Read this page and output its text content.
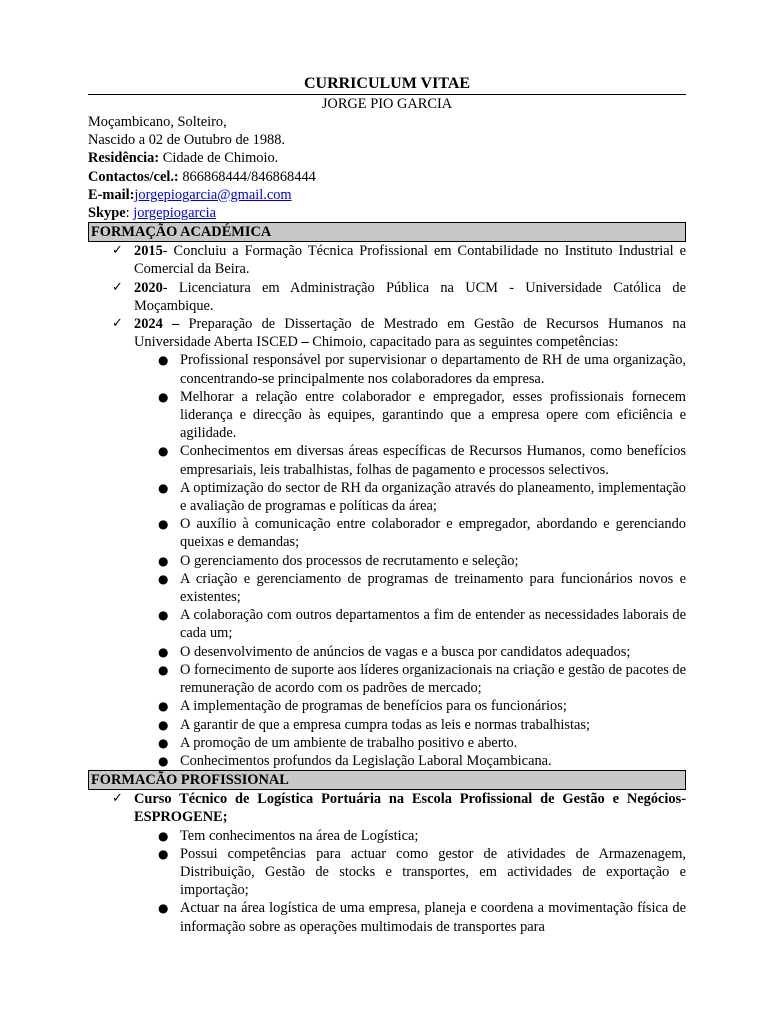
CURRICULUM VITAE
JORGE PIO GARCIA
Moçambicano, Solteiro,
Nascido a 02 de Outubro de 1988.
Residência: Cidade de Chimoio.
Contactos/cel.: 866868444/846868444
E-mail:jorgepiogarcia@gmail.com
Skype: jorgepiogarcia
FORMAÇÃO ACADÉMICA
✓ 2015- Concluiu a Formação Técnica Profissional em Contabilidade no Instituto Industrial e Comercial da Beira.
✓ 2020- Licenciatura em Administração Pública na UCM - Universidade Católica de Moçambique.
✓ 2024 – Preparação de Dissertação de Mestrado em Gestão de Recursos Humanos na Universidade Aberta ISCED – Chimoio, capacitado para as seguintes competências:
● Profissional responsável por supervisionar o departamento de RH de uma organização, concentrando-se principalmente nos colaboradores da empresa.
● Melhorar a relação entre colaborador e empregador, esses profissionais fornecem liderança e direcção às equipes, garantindo que a empresa opere com eficiência e agilidade.
● Conhecimentos em diversas áreas específicas de Recursos Humanos, como benefícios empresariais, leis trabalhistas, folhas de pagamento e processos selectivos.
● A optimização do sector de RH da organização através do planeamento, implementação e avaliação de programas e políticas da área;
● O auxílio à comunicação entre colaborador e empregador, abordando e gerenciando queixas e demandas;
● O gerenciamento dos processos de recrutamento e seleção;
● A criação e gerenciamento de programas de treinamento para funcionários novos e existentes;
● A colaboração com outros departamentos a fim de entender as necessidades laborais de cada um;
● O desenvolvimento de anúncios de vagas e a busca por candidatos adequados;
● O fornecimento de suporte aos líderes organizacionais na criação e gestão de pacotes de remuneração de acordo com os padrões de mercado;
● A implementação de programas de benefícios para os funcionários;
● A garantir de que a empresa cumpra todas as leis e normas trabalhistas;
● A promoção de um ambiente de trabalho positivo e aberto.
● Conhecimentos profundos da Legislação Laboral Moçambicana.
FORMACÃO PROFISSIONAL
✓ Curso Técnico de Logística Portuária na Escola Profissional de Gestão e Negócios-ESPROGENE;
● Tem conhecimentos na área de Logística;
● Possui competências para actuar como gestor de atividades de Armazenagem, Distribuição, Gestão de stocks e transportes, em actividades de exportação e importação;
● Actuar na área logística de uma empresa, planeja e coordena a movimentação física de informação sobre as operações multimodais de transportes para
